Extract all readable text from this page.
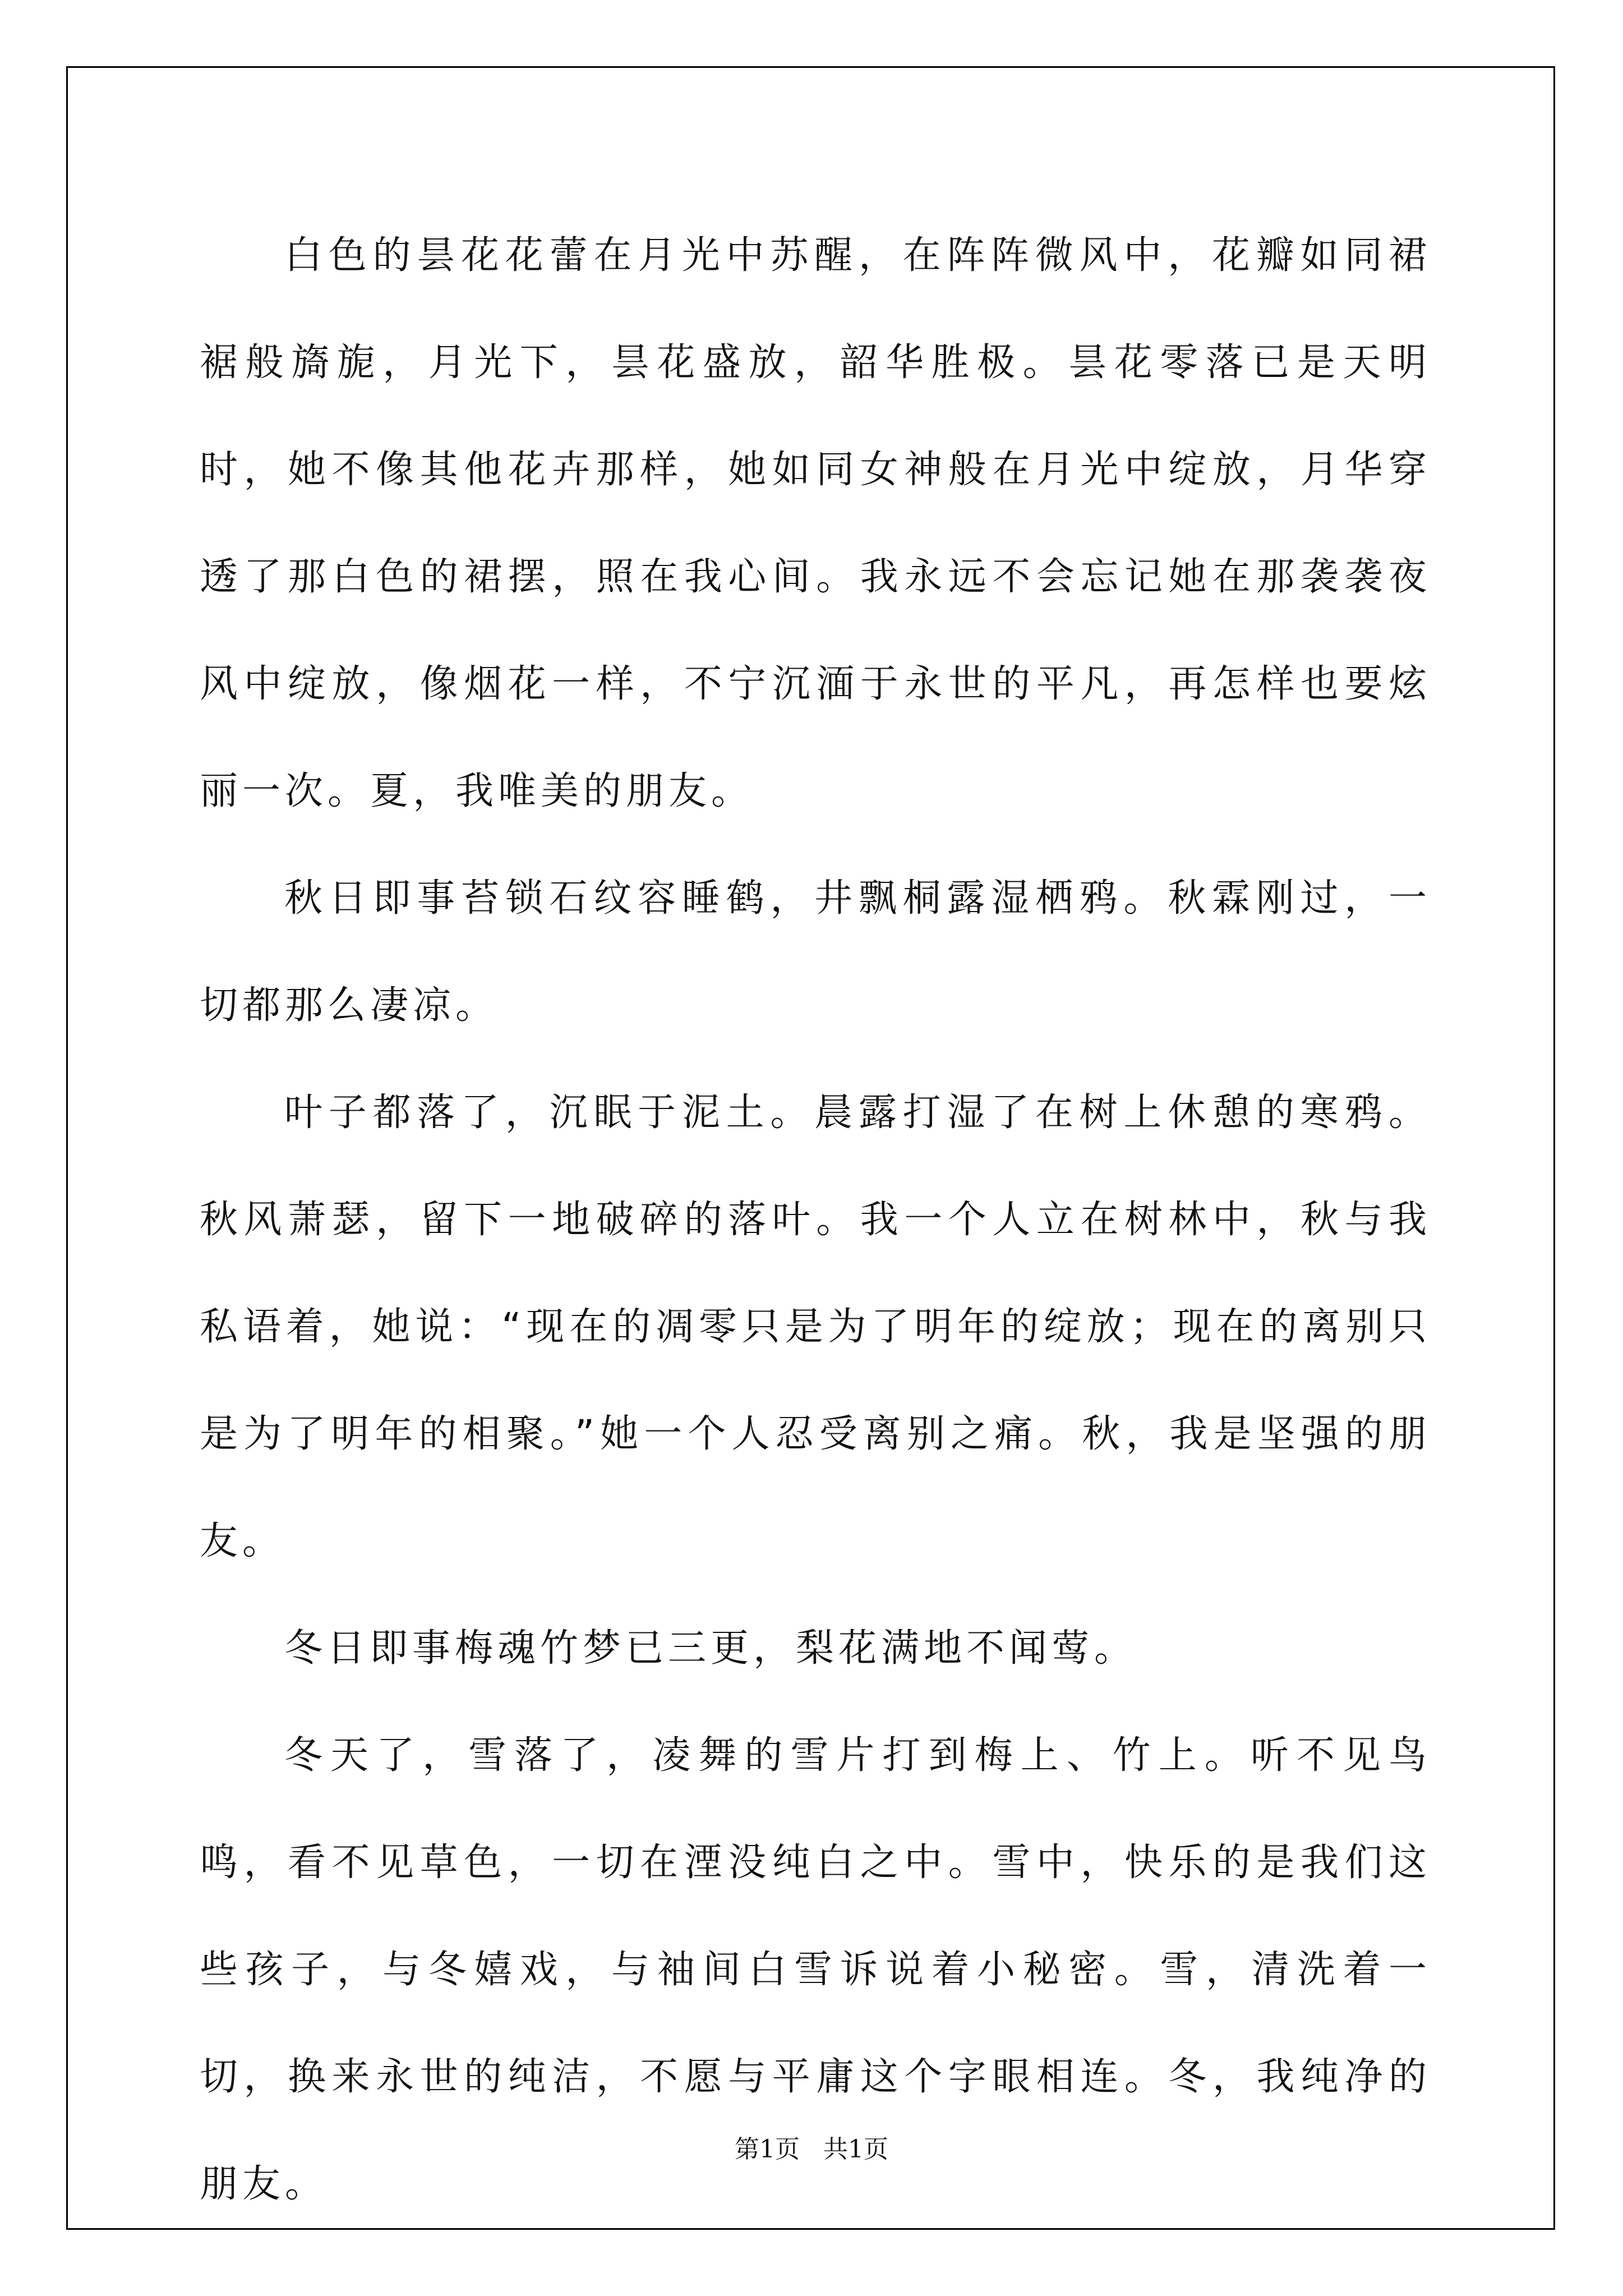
白色的昙花花蕾在月光中苏醒，在阵阵微风中，花瓣如同裙裾般旖旎，月光下，昙花盛放，韶华胜极。昙花零落已是天明时，她不像其他花卉那样，她如同女神般在月光中绽放，月华穿透了那白色的裙摆，照在我心间。我永远不会忘记她在那袭袭夜风中绽放，像烟花一样，不宁沉湎于永世的平凡，再怎样也要炫丽一次。夏，我唯美的朋友。

秋日即事苔锁石纹容睡鹤，井飘桐露湿栖鸦。秋霖刚过，一切都那么凄凉。

叶子都落了，沉眠于泥土。晨露打湿了在树上休憩的寒鸦。秋风萧瑟，留下一地破碎的落叶。我一个人立在树林中，秋与我私语着，她说：“现在的凋零只是为了明年的绽放；现在的离别只是为了明年的相聚。”她一个人忍受离别之痛。秋，我是坚强的朋友。

冬日即事梅魂竹梦已三更，梨花满地不闻莺。

冬天了，雪落了，凌舞的雪片打到梅上、竹上。听不见鸟鸣，看不见草色，一切在湮没纯白之中。雪中，快乐的是我们这些孩子，与冬嬉戏，与袖间白雪诉说着小秘密。雪，清洗着一切，换来永世的纯洁，不愿与平庸这个字眼相连。冬，我纯净的朋友。

第1页   共1页
